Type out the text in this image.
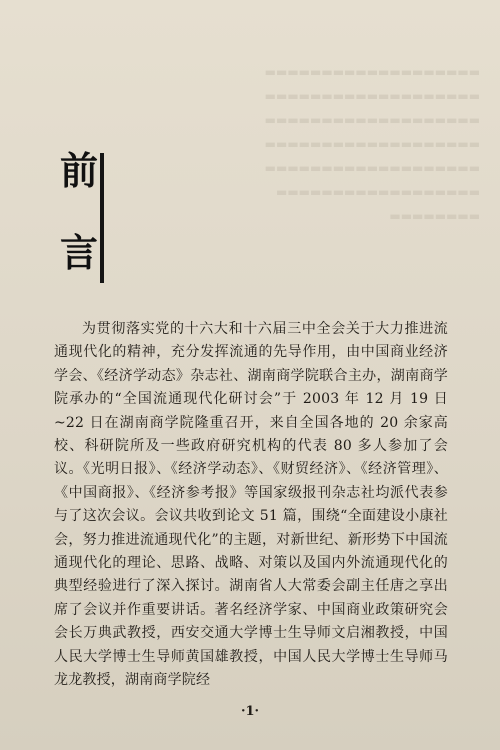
▬▬▬▬▬▬▬▬▬▬▬▬▬▬▬▬▬▬▬
▬▬▬▬▬▬▬▬▬▬▬▬▬▬▬▬▬▬▬
▬▬▬▬▬▬▬▬▬▬▬▬▬▬▬▬▬▬▬
▬▬▬▬▬▬▬▬▬▬▬▬▬▬▬▬▬▬▬
▬▬▬▬▬▬▬▬▬▬▬▬▬▬▬▬▬▬▬
▬▬▬▬▬▬▬▬▬▬▬▬▬▬▬▬▬▬
▬▬▬▬▬▬▬▬
前
言

为贯彻落实党的十六大和十六届三中全会关于大力推进流通现代化的精神，充分发挥流通的先导作用，由中国商业经济学会、《经济学动态》杂志社、湖南商学院联合主办，湖南商学院承办的“全国流通现代化研讨会”于 2003 年 12 月 19 日 ~22 日在湖南商学院隆重召开，来自全国各地的 20 余家高校、科研院所及一些政府研究机构的代表 80 多人参加了会议。《光明日报》、《经济学动态》、《财贸经济》、《经济管理》、《中国商报》、《经济参考报》等国家级报刊杂志社均派代表参与了这次会议。会议共收到论文 51 篇，围绕“全面建设小康社会，努力推进流通现代化”的主题，对新世纪、新形势下中国流通现代化的理论、思路、战略、对策以及国内外流通现代化的典型经验进行了深入探讨。湖南省人大常委会副主任唐之享出席了会议并作重要讲话。著名经济学家、中国商业政策研究会会长万典武教授，西安交通大学博士生导师文启湘教授，中国人民大学博士生导师黄国雄教授，中国人民大学博士生导师马龙龙教授，湖南商学院经

·1·
